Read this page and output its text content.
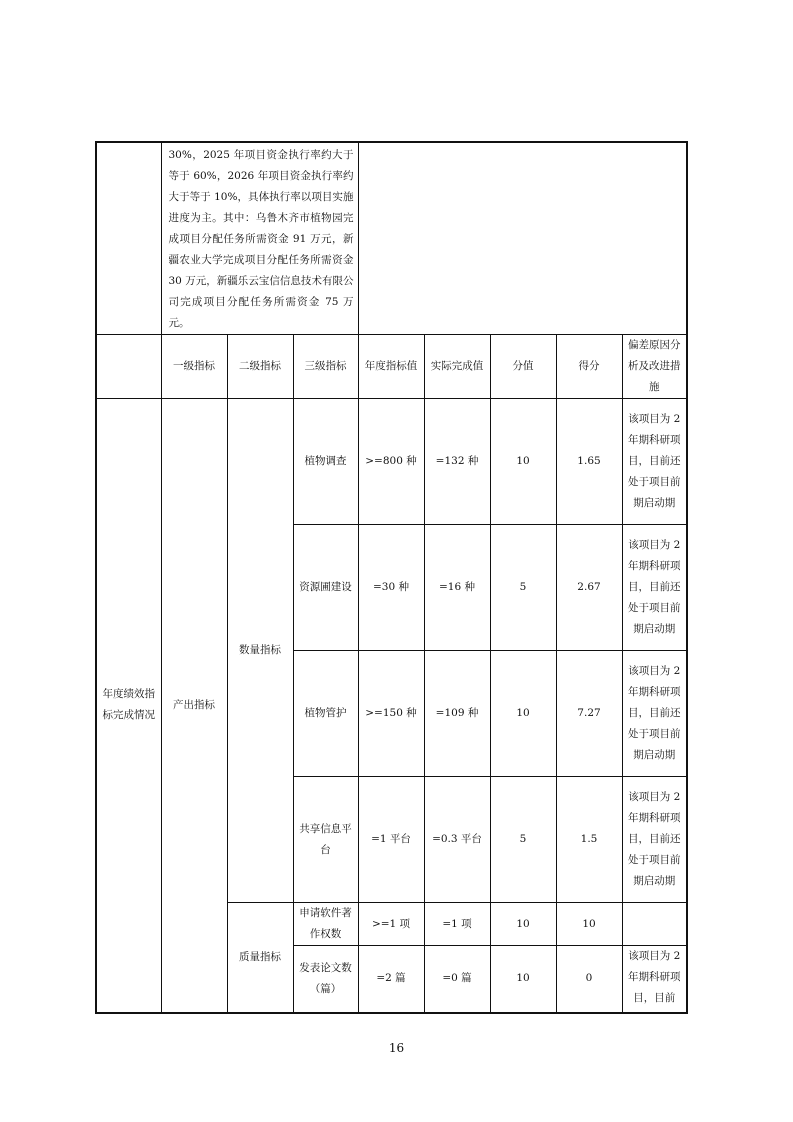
	30%，2025 年项目资金执行率约大于等于 60%，2026 年项目资金执行率约大于等于 10%，具体执行率以项目实施进度为主。其中：乌鲁木齐市植物园完成项目分配任务所需资金 91 万元，新疆农业大学完成项目分配任务所需资金 30 万元，新疆乐云宝信信息技术有限公司完成项目分配任务所需资金 75 万元。							
	一级指标	二级指标	三级指标	年度指标值	实际完成值	分值	得分	偏差原因分析及改进措施
年度绩效指标完成情况	产出指标	数量指标	植物调查	>=800 种	=132 种	10	1.65	该项目为 2 年期科研项目，目前还处于项目前期启动期
			资源圃建设	=30 种	=16 种	5	2.67	该项目为 2 年期科研项目，目前还处于项目前期启动期
			植物管护	>=150 种	=109 种	10	7.27	该项目为 2 年期科研项目，目前还处于项目前期启动期
			共享信息平台	=1 平台	=0.3 平台	5	1.5	该项目为 2 年期科研项目，目前还处于项目前期启动期
		质量指标	申请软件著作权数	>=1 项	=1 项	10	10	
			发表论文数（篇）	=2 篇	=0 篇	10	0	该项目为 2 年期科研项目，目前
16
